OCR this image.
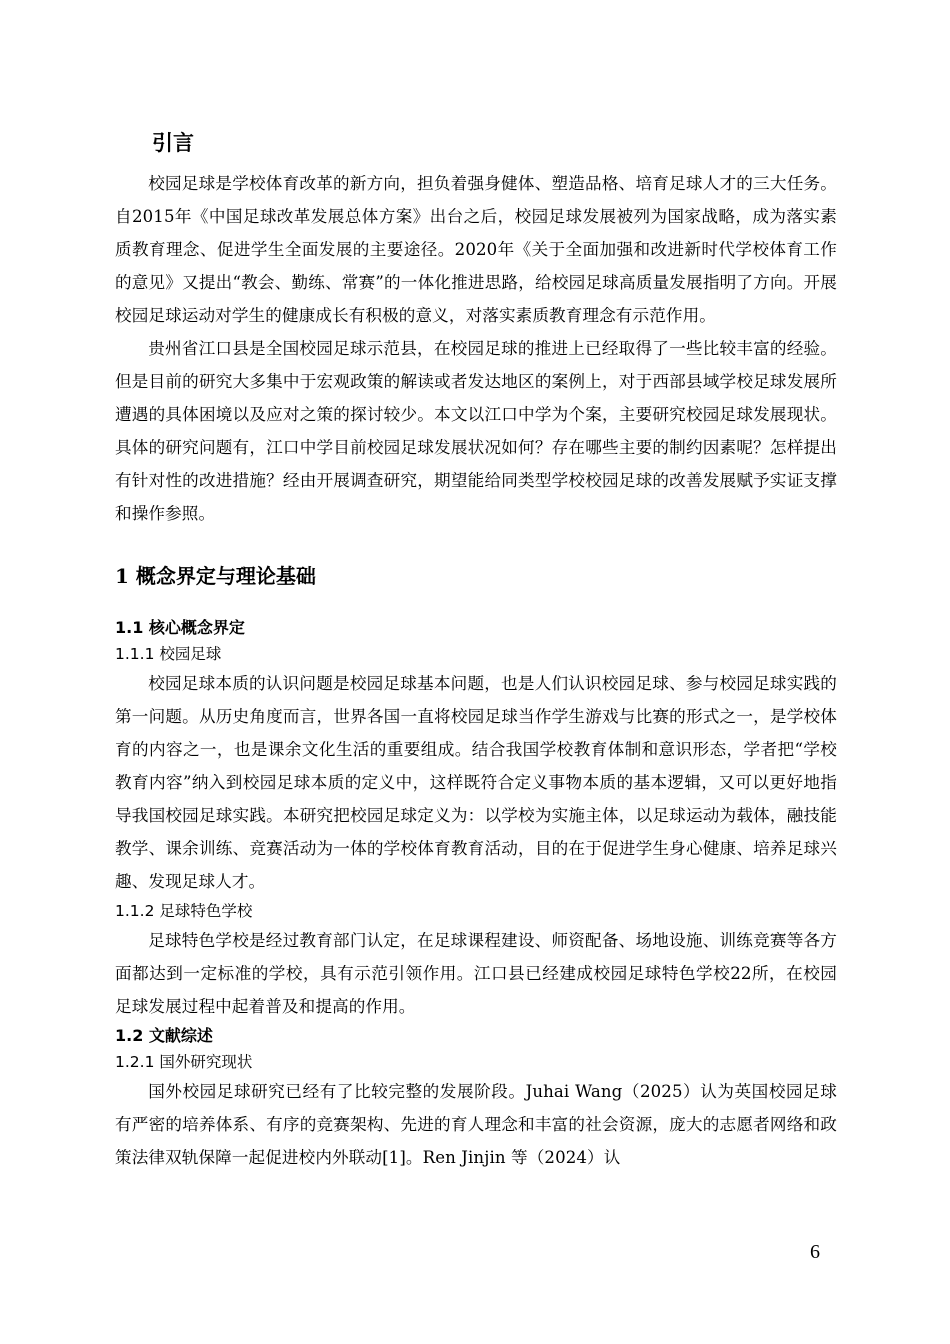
引言

校园足球是学校体育改革的新方向，担负着强身健体、塑造品格、培育足球人才的三大任务。自2015年《中国足球改革发展总体方案》出台之后，校园足球发展被列为国家战略，成为落实素质教育理念、促进学生全面发展的主要途径。2020年《关于全面加强和改进新时代学校体育工作的意见》又提出“教会、勤练、常赛”的一体化推进思路，给校园足球高质量发展指明了方向。开展校园足球运动对学生的健康成长有积极的意义，对落实素质教育理念有示范作用。

贵州省江口县是全国校园足球示范县，在校园足球的推进上已经取得了一些比较丰富的经验。但是目前的研究大多集中于宏观政策的解读或者发达地区的案例上，对于西部县域学校足球发展所遭遇的具体困境以及应对之策的探讨较少。本文以江口中学为个案，主要研究校园足球发展现状。具体的研究问题有，江口中学目前校园足球发展状况如何？存在哪些主要的制约因素呢？怎样提出有针对性的改进措施？经由开展调查研究，期望能给同类型学校校园足球的改善发展赋予实证支撑和操作参照。

1 概念界定与理论基础
1.1 核心概念界定
1.1.1 校园足球

校园足球本质的认识问题是校园足球基本问题，也是人们认识校园足球、参与校园足球实践的第一问题。从历史角度而言，世界各国一直将校园足球当作学生游戏与比赛的形式之一，是学校体育的内容之一，也是课余文化生活的重要组成。结合我国学校教育体制和意识形态，学者把“学校教育内容”纳入到校园足球本质的定义中，这样既符合定义事物本质的基本逻辑，又可以更好地指导我国校园足球实践。本研究把校园足球定义为：以学校为实施主体，以足球运动为载体，融技能教学、课余训练、竞赛活动为一体的学校体育教育活动，目的在于促进学生身心健康、培养足球兴趣、发现足球人才。

1.1.2 足球特色学校

足球特色学校是经过教育部门认定，在足球课程建设、师资配备、场地设施、训练竞赛等各方面都达到一定标准的学校，具有示范引领作用。江口县已经建成校园足球特色学校22所，在校园足球发展过程中起着普及和提高的作用。

1.2 文献综述
1.2.1 国外研究现状

国外校园足球研究已经有了比较完整的发展阶段。Juhai Wang（2025）认为英国校园足球有严密的培养体系、有序的竞赛架构、先进的育人理念和丰富的社会资源，庞大的志愿者网络和政策法律双轨保障一起促进校内外联动[1]。Ren Jinjin 等（2024）认

6
